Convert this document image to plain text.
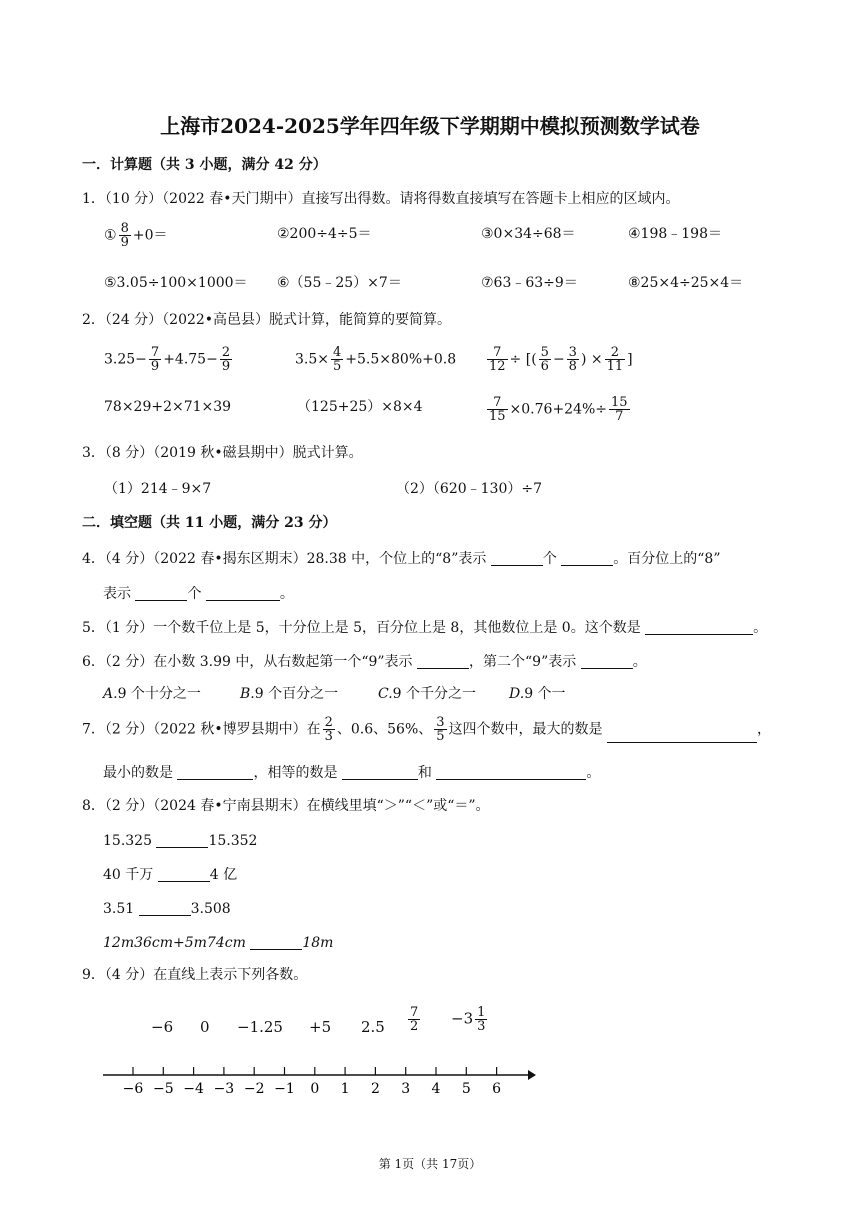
上海市2024-2025学年四年级下学期期中模拟预测数学试卷
一．计算题（共 3 小题，满分 42 分）
1．（10 分）（2022 春•天门期中）直接写出得数。请将得数直接填写在答题卡上相应的区域内。
① $\frac{8}{9} +0=$	②200÷4÷5＝	③0×34÷68＝	④198﹣198＝
⑤3.05÷100×1000＝ ⑥（55﹣25）×7＝	⑦63﹣63÷9＝	⑧25×4÷25×4＝
2．（24 分）（2022•高邑县）脱式计算，能简算的要简算。
$3.25- \frac{7}{9} +4.75- \frac{2}{9}$	$3.5\times \frac{4}{5} +5.5\times 80\%+0.8 \frac{7}{12}$ ÷ [( $\frac{5}{6} - \frac{3}{8}$ ) × $\frac{2}{11}$ ]
78×29+2×71×39	（125+25）×8×4	$\frac{7}{15} \times 0.76+24\%\div \frac{15}{7}$
3．（8 分）（2019 秋•磁县期中）脱式计算。
（1）214﹣9×7	（2）（620﹣130）÷7
二．填空题（共 11 小题，满分 23 分）
4．（4 分）（2022 春•揭东区期末）28.38 中，个位上的“8”表示	个	。百分位上的“8”
表示	个	。
5．（1 分）一个数千位上是 5，十分位上是 5，百分位上是 8，其他数位上是 0。这个数是	。
6．（2 分）在小数 3.99 中，从右数起第一个“9”表示	，第二个“9”表示	。
A.9 个十分之一	B.9 个百分之一	C.9 个千分之一 D.9 个一
7．（2 分）（2022 秋•博罗县期中）在 $\frac{2}{3}$ 、0.6、56%、 $\frac{3}{5}$ 这四个数中，最大的数是	，
最小的数是	，相等的数是	和	。
8．（2 分）（2024 春•宁南县期末）在横线里填“＞”“＜”或“＝”。
15.325	15.352
40 千万	4 亿
3.51	3.508
12m36cm+5m74cm	18m
9．（4 分）在直线上表示下列各数。
−6 0 −1.25 +5 $2.5 \frac{7}{2} -3 \frac{1}{3}$
−6 −5 −4 −3 −2 −1 0 1 2 3 4 5 6
第 1页（共 17页）
